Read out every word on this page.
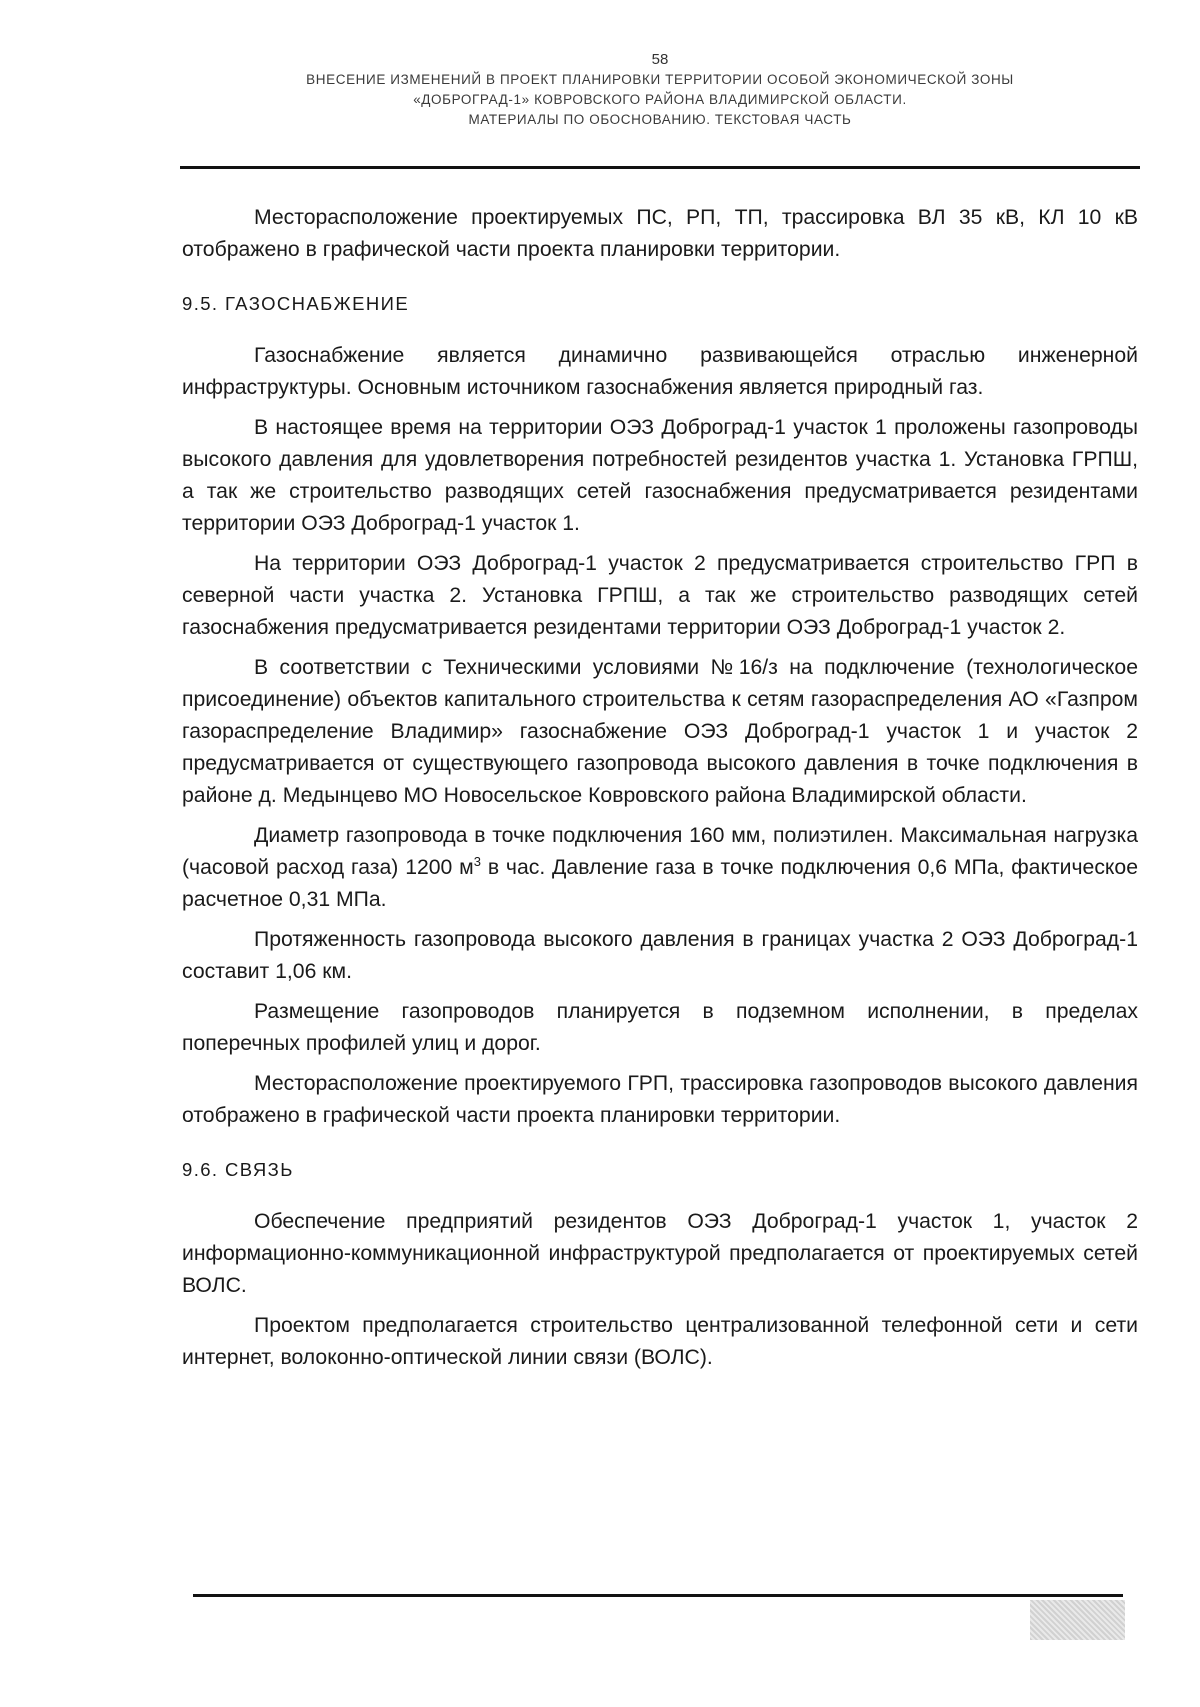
58
ВНЕСЕНИЕ ИЗМЕНЕНИЙ В ПРОЕКТ ПЛАНИРОВКИ ТЕРРИТОРИИ ОСОБОЙ ЭКОНОМИЧЕСКОЙ ЗОНЫ
«ДОБРОГРАД-1» КОВРОВСКОГО РАЙОНА ВЛАДИМИРСКОЙ ОБЛАСТИ.
МАТЕРИАЛЫ ПО ОБОСНОВАНИЮ. ТЕКСТОВАЯ ЧАСТЬ

Месторасположение проектируемых ПС, РП, ТП, трассировка ВЛ 35 кВ, КЛ 10 кВ отображено в графической части проекта планировки территории.

9.5. ГАЗОСНАБЖЕНИЕ

Газоснабжение является динамично развивающейся отраслью инженерной инфраструктуры. Основным источником газоснабжения является природный газ.

В настоящее время на территории ОЭЗ Доброград-1 участок 1 проложены газопроводы высокого давления для удовлетворения потребностей резидентов участка 1. Установка ГРПШ, а так же строительство разводящих сетей газоснабжения предусматривается резидентами территории ОЭЗ Доброград-1 участок 1.

На территории ОЭЗ Доброград-1 участок 2 предусматривается строительство ГРП в северной части участка 2. Установка ГРПШ, а так же строительство разводящих сетей газоснабжения предусматривается резидентами территории ОЭЗ Доброград-1 участок 2.

В соответствии с Техническими условиями №16/з на подключение (технологическое присоединение) объектов капитального строительства к сетям газораспределения АО «Газпром газораспределение Владимир» газоснабжение ОЭЗ Доброград-1 участок 1 и участок 2 предусматривается от существующего газопровода высокого давления в точке подключения в районе д. Медынцево МО Новосельское Ковровского района Владимирской области.

Диаметр газопровода в точке подключения 160 мм, полиэтилен. Максимальная нагрузка (часовой расход газа) 1200 $м^3$ в час. Давление газа в точке подключения 0,6 МПа, фактическое расчетное 0,31 МПа.

Протяженность газопровода высокого давления в границах участка 2 ОЭЗ Доброград-1 составит 1,06 км.

Размещение газопроводов планируется в подземном исполнении, в пределах поперечных профилей улиц и дорог.

Месторасположение проектируемого ГРП, трассировка газопроводов высокого давления отображено в графической части проекта планировки территории.

9.6. СВЯЗЬ

Обеспечение предприятий резидентов ОЭЗ Доброград-1 участок 1, участок 2 информационно-коммуникационной инфраструктурой предполагается от проектируемых сетей ВОЛС.

Проектом предполагается строительство централизованной телефонной сети и сети интернет, волоконно-оптической линии связи (ВОЛС).
